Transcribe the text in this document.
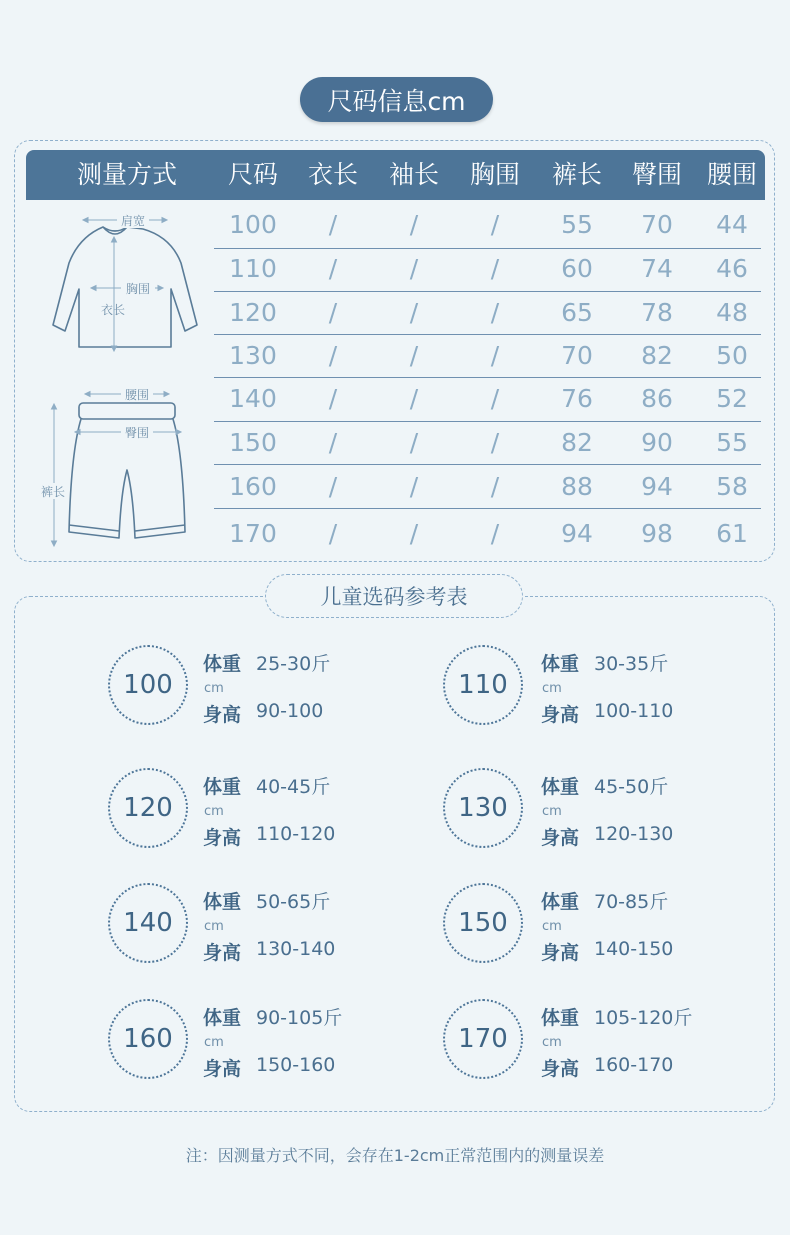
尺码信息cm
测量方式	尺码	衣长	袖长	胸围	裤长	臀围 腰围
100	/	/	/	55	70	44
110	/	/	/	60	74	46
120	/	/	/	65	78	48
130	/	/	/	70	82	50
140	/	/	/	76	86	52
150	/	/	/	82	90	55
160	/	/	/	88	94	58
170	/	/	/	94	98	61
肩宽
胸围
衣长
腰围
臀围
裤长
儿童选码参考表
100
体重 25-30斤
cm
身高 90-100
110
体重 30-35斤
cm
身高 100-110
120
体重 40-45斤
cm
身高 110-120
130
体重 45-50斤
cm
身高 120-130
140
体重 50-65斤
cm
身高 130-140
150
体重 70-85斤
cm
身高 140-150
160
体重 90-105斤
cm
身高 150-160
170
体重 105-120斤
cm
身高 160-170
注：因测量方式不同，会存在1-2cm正常范围内的测量误差
